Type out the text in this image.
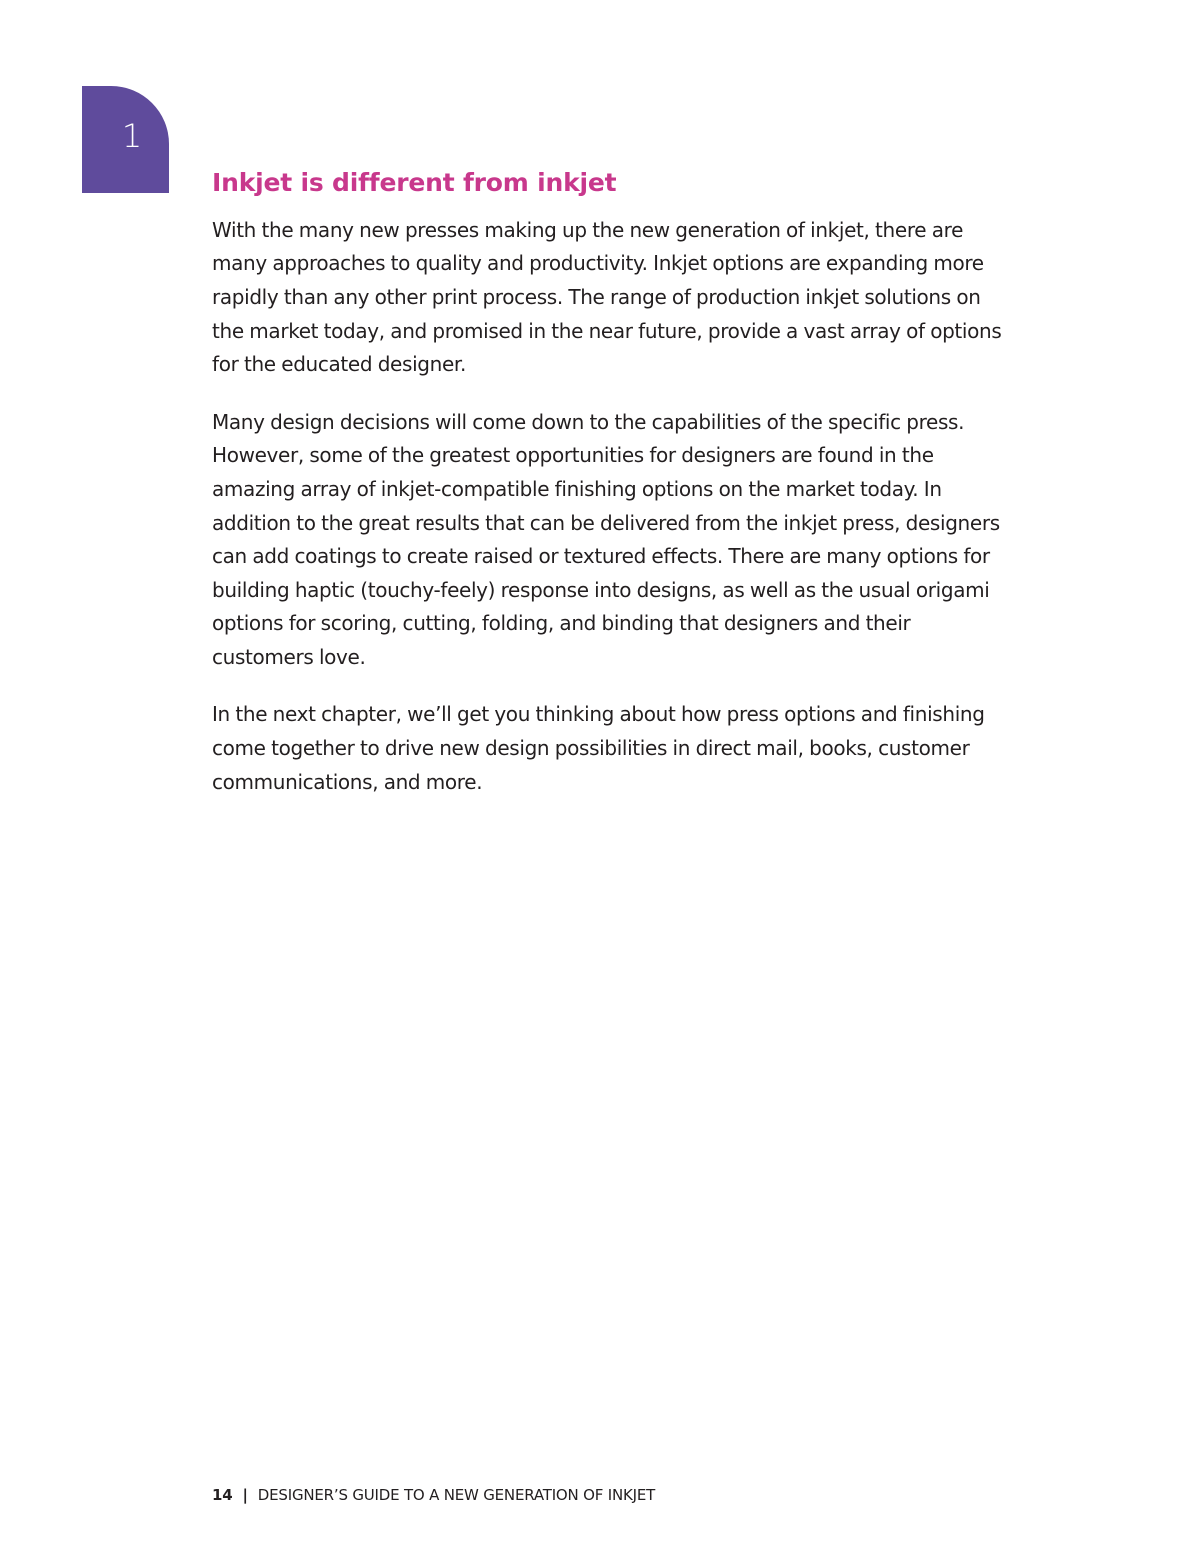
1
Inkjet is different from inkjet

With the many new presses making up the new generation of inkjet, there are many approaches to quality and productivity. Inkjet options are expanding more rapidly than any other print process. The range of production inkjet solutions on the market today, and promised in the near future, provide a vast array of options for the educated designer.

Many design decisions will come down to the capabilities of the specific press. However, some of the greatest opportunities for designers are found in the amazing array of inkjet-compatible finishing options on the market today. In addition to the great results that can be delivered from the inkjet press, designers can add coatings to create raised or textured effects. There are many options for building haptic (touchy-feely) response into designs, as well as the usual origami options for scoring, cutting, folding, and binding that designers and their customers love.

In the next chapter, we’ll get you thinking about how press options and finishing come together to drive new design possibilities in direct mail, books, customer communications, and more.

14 | DESIGNER’S GUIDE TO A NEW GENERATION OF INKJET
